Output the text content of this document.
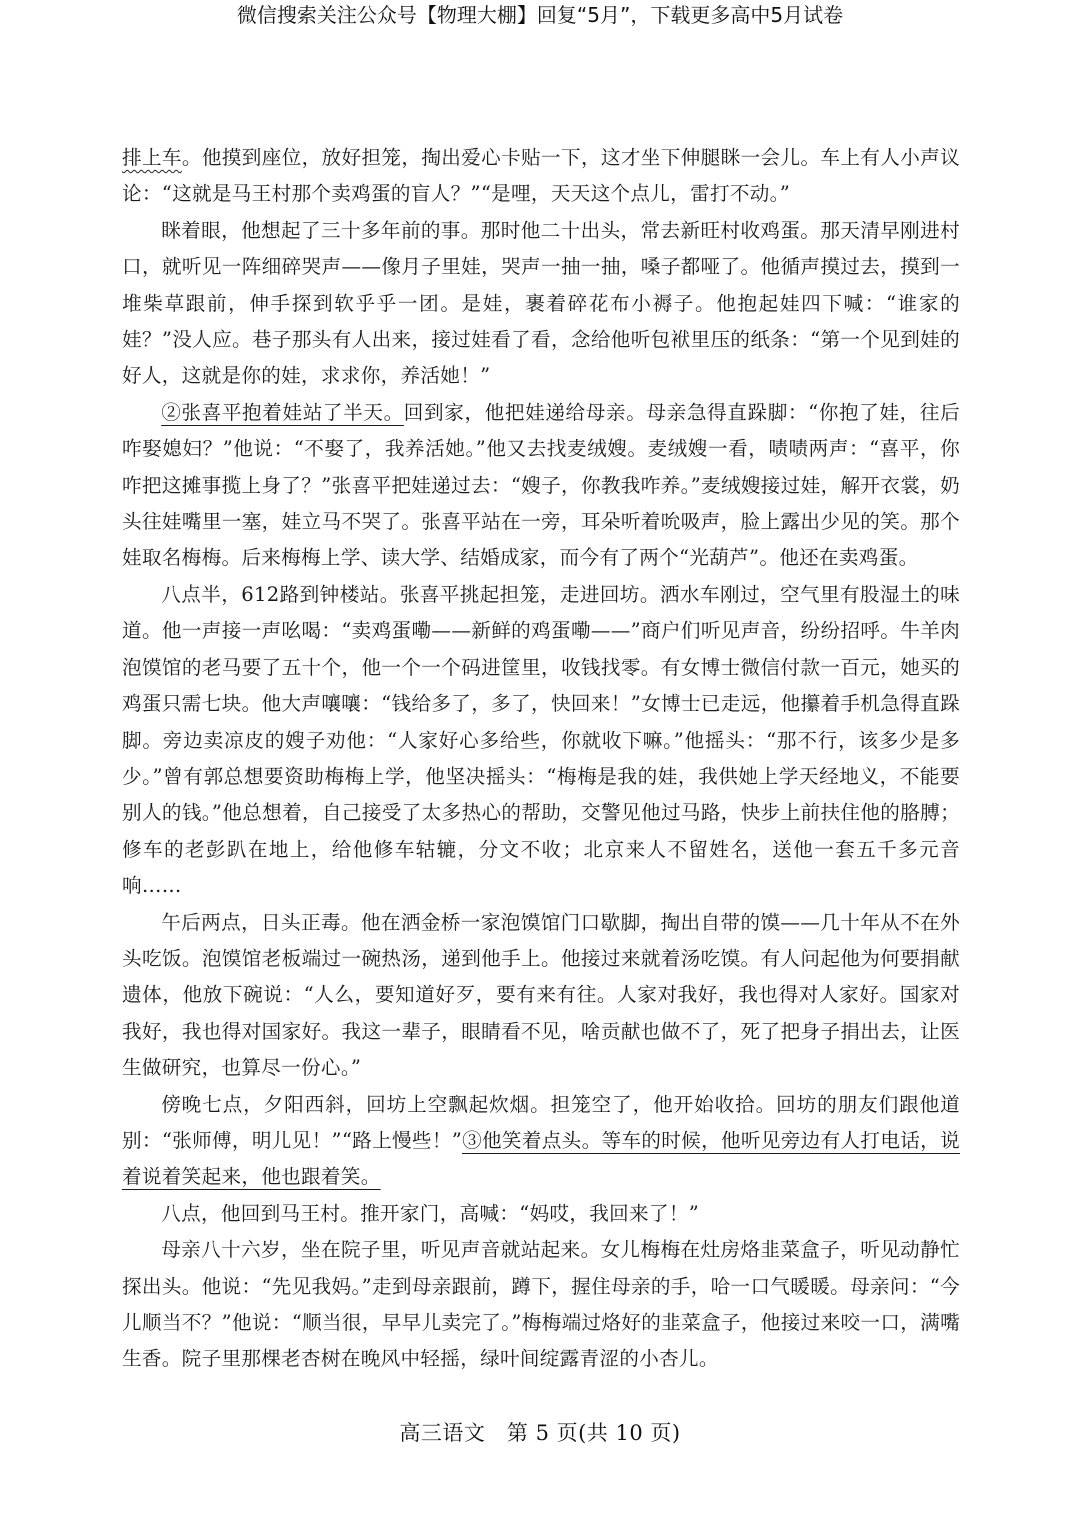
微信搜索关注公众号【物理大棚】回复“5月”，下载更多高中5月试卷

排上车。他摸到座位，放好担笼，掏出爱心卡贴一下，这才坐下伸腿眯一会儿。车上有人小声议论：“这就是马王村那个卖鸡蛋的盲人？”“是哩，天天这个点儿，雷打不动。”

眯着眼，他想起了三十多年前的事。那时他二十出头，常去新旺村收鸡蛋。那天清早刚进村口，就听见一阵细碎哭声——像月子里娃，哭声一抽一抽，嗓子都哑了。他循声摸过去，摸到一堆柴草跟前，伸手探到软乎乎一团。是娃，裹着碎花布小褥子。他抱起娃四下喊：“谁家的娃？”没人应。巷子那头有人出来，接过娃看了看，念给他听包袱里压的纸条：“第一个见到娃的好人，这就是你的娃，求求你，养活她！”

②张喜平抱着娃站了半天。回到家，他把娃递给母亲。母亲急得直跺脚：“你抱了娃，往后咋娶媳妇？”他说：“不娶了，我养活她。”他又去找麦绒嫂。麦绒嫂一看，啧啧两声：“喜平，你咋把这摊事揽上身了？”张喜平把娃递过去：“嫂子，你教我咋养。”麦绒嫂接过娃，解开衣裳，奶头往娃嘴里一塞，娃立马不哭了。张喜平站在一旁，耳朵听着吮吸声，脸上露出少见的笑。那个娃取名梅梅。后来梅梅上学、读大学、结婚成家，而今有了两个“光葫芦”。他还在卖鸡蛋。

八点半，612路到钟楼站。张喜平挑起担笼，走进回坊。洒水车刚过，空气里有股湿土的味道。他一声接一声吆喝：“卖鸡蛋嘞——新鲜的鸡蛋嘞——”商户们听见声音，纷纷招呼。牛羊肉泡馍馆的老马要了五十个，他一个一个码进筐里，收钱找零。有女博士微信付款一百元，她买的鸡蛋只需七块。他大声嚷嚷：“钱给多了，多了，快回来！”女博士已走远，他攥着手机急得直跺脚。旁边卖凉皮的嫂子劝他：“人家好心多给些，你就收下嘛。”他摇头：“那不行，该多少是多少。”曾有郭总想要资助梅梅上学，他坚决摇头：“梅梅是我的娃，我供她上学天经地义，不能要别人的钱。”他总想着，自己接受了太多热心的帮助，交警见他过马路，快步上前扶住他的胳膊；修车的老彭趴在地上，给他修车轱辘，分文不收；北京来人不留姓名，送他一套五千多元音响……

午后两点，日头正毒。他在洒金桥一家泡馍馆门口歇脚，掏出自带的馍——几十年从不在外头吃饭。泡馍馆老板端过一碗热汤，递到他手上。他接过来就着汤吃馍。有人问起他为何要捐献遗体，他放下碗说：“人么，要知道好歹，要有来有往。人家对我好，我也得对人家好。国家对我好，我也得对国家好。我这一辈子，眼睛看不见，啥贡献也做不了，死了把身子捐出去，让医生做研究，也算尽一份心。”

傍晚七点，夕阳西斜，回坊上空飘起炊烟。担笼空了，他开始收拾。回坊的朋友们跟他道别：“张师傅，明儿见！”“路上慢些！”③他笑着点头。等车的时候，他听见旁边有人打电话，说着说着笑起来，他也跟着笑。

八点，他回到马王村。推开家门，高喊：“妈哎，我回来了！”

母亲八十六岁，坐在院子里，听见声音就站起来。女儿梅梅在灶房烙韭菜盒子，听见动静忙探出头。他说：“先见我妈。”走到母亲跟前，蹲下，握住母亲的手，哈一口气暖暖。母亲问：“今儿顺当不？”他说：“顺当很，早早儿卖完了。”梅梅端过烙好的韭菜盒子，他接过来咬一口，满嘴生香。院子里那棵老杏树在晚风中轻摇，绿叶间绽露青涩的小杏儿。

高三语文　第 5 页(共 10 页)
